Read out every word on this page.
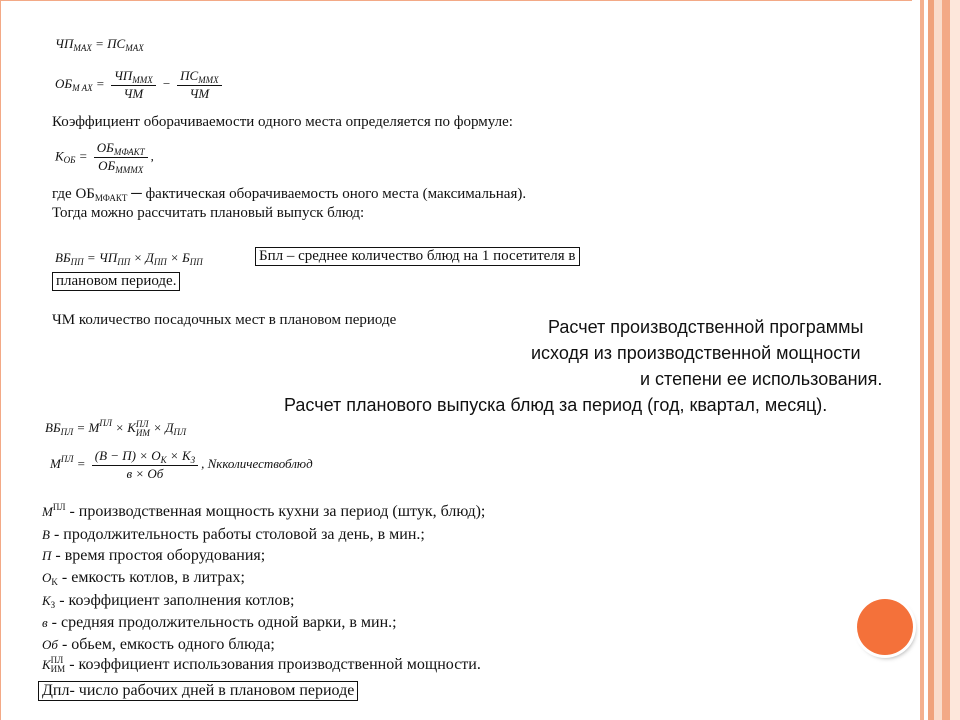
$ЧП_{MAX} = ПС_{MAX}$
$ОБ_{M AX} = \frac{ЧП_{MMX}}{ЧМ} - \frac{ПС_{MMX}}{ЧМ}$
Коэффициент оборачиваемости одного места определяется по формуле:
$K_{ОБ} = \frac{ОБ_{MФАКТ}}{ОБ_{MMMX}}$ ,
где $ОБ_{МФАКТ}$ ─ фактическая оборачиваемость оного места (максимальная).
Тогда можно рассчитать плановый выпуск блюд:
$ВБ_{ПП} = ЧП_{ПП} \times Д_{ПП} \times Б_{ПП}$	Бпл – среднее количество блюд на 1 посетителя в
плановом периоде.
ЧМ количество посадочных мест в плановом периоде	Расчет производственной программы
исходя из производственной мощности
и степени ее использования.
Расчет планового выпуска блюд за период (год, квартал, месяц).
$ВБ_{ПЛ} = M^{ПЛ} \times K$ ПЛ
ИМ × $Д_{ПЛ}$
$M^{ПЛ} = \frac{(В - П) \times O_K \times K_З}{в \times Об}$ , Nкколичествоблюд
$M^{ПЛ}$ - производственная мощность кухни за период (штук, блюд);
В - продолжительность работы столовой за день, в мин.;
П - время простоя оборудования;
OK - емкость котлов, в литрах;
KЗ - коэффициент заполнения котлов;
в - средняя продолжительность одной варки, в мин.;
Об - обьем, емкость одного блюда;
K ПЛ
ИМ - коэффициент использования производственной мощности.
Дпл- число рабочих дней в плановом периоде
